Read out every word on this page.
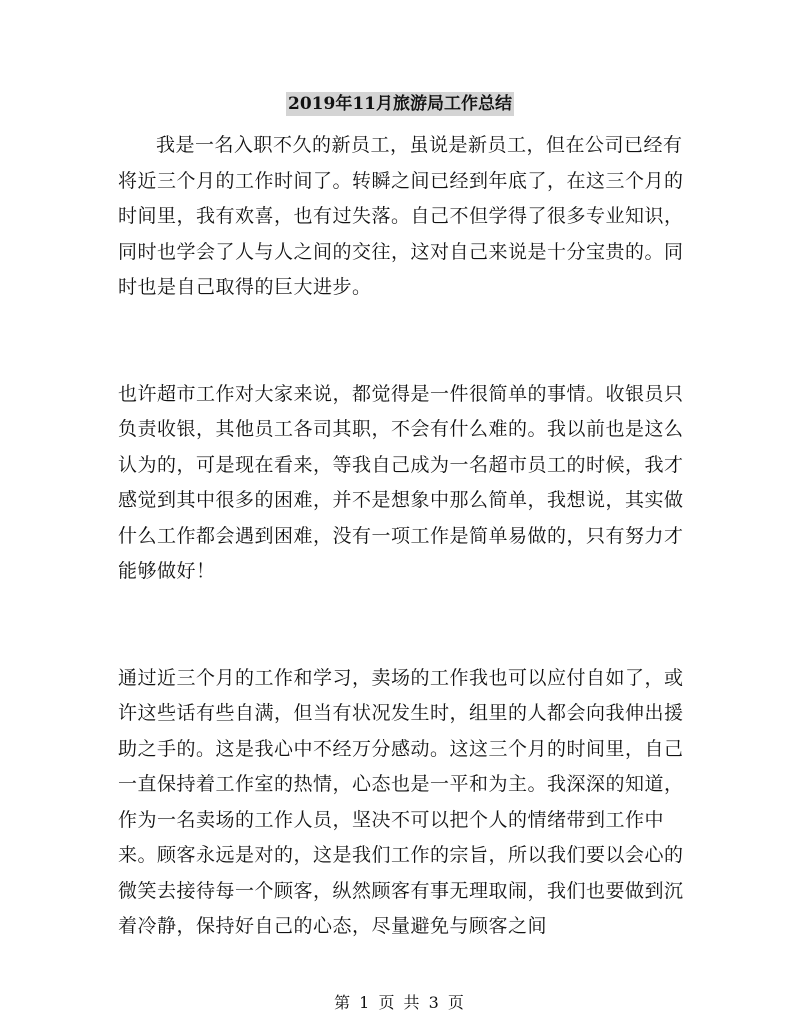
2019年11月旅游局工作总结

我是一名入职不久的新员工，虽说是新员工，但在公司已经有将近三个月的工作时间了。转瞬之间已经到年底了，在这三个月的时间里，我有欢喜，也有过失落。自己不但学得了很多专业知识，同时也学会了人与人之间的交往，这对自己来说是十分宝贵的。同时也是自己取得的巨大进步。

也许超市工作对大家来说，都觉得是一件很简单的事情。收银员只负责收银，其他员工各司其职，不会有什么难的。我以前也是这么认为的，可是现在看来，等我自己成为一名超市员工的时候，我才感觉到其中很多的困难，并不是想象中那么简单，我想说，其实做什么工作都会遇到困难，没有一项工作是简单易做的，只有努力才能够做好！

通过近三个月的工作和学习，卖场的工作我也可以应付自如了，或许这些话有些自满，但当有状况发生时，组里的人都会向我伸出援助之手的。这是我心中不经万分感动。这这三个月的时间里，自己一直保持着工作室的热情，心态也是一平和为主。我深深的知道，作为一名卖场的工作人员，坚决不可以把个人的情绪带到工作中来。顾客永远是对的，这是我们工作的宗旨，所以我们要以会心的微笑去接待每一个顾客，纵然顾客有事无理取闹，我们也要做到沉着冷静，保持好自己的心态，尽量避免与顾客之间

第 1 页 共 3 页
